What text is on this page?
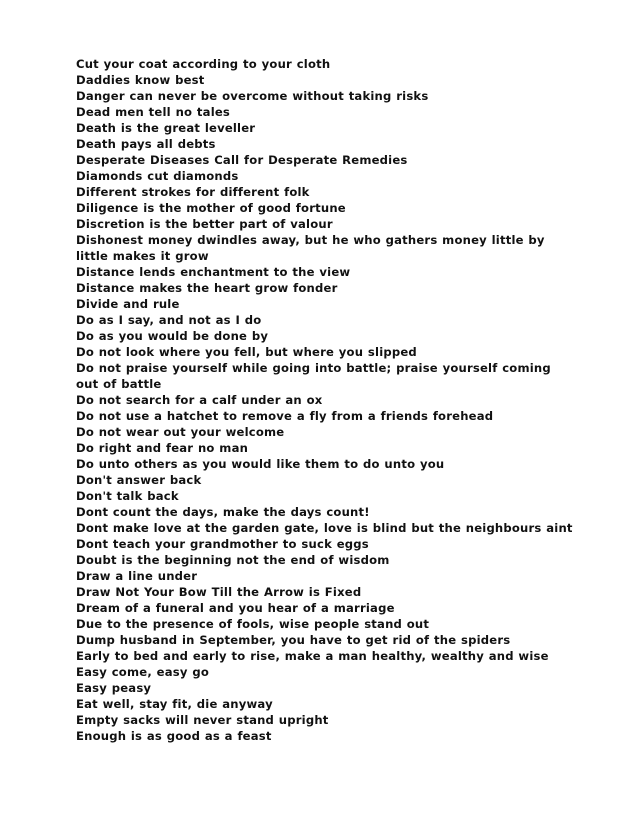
Cut your coat according to your cloth
Daddies know best
Danger can never be overcome without taking risks
Dead men tell no tales
Death is the great leveller
Death pays all debts
Desperate Diseases Call for Desperate Remedies
Diamonds cut diamonds
Different strokes for different folk
Diligence is the mother of good fortune
Discretion is the better part of valour
Dishonest money dwindles away, but he who gathers money little by little makes it grow
Distance lends enchantment to the view
Distance makes the heart grow fonder
Divide and rule
Do as I say, and not as I do
Do as you would be done by
Do not look where you fell, but where you slipped
Do not praise yourself while going into battle; praise yourself coming out of battle
Do not search for a calf under an ox
Do not use a hatchet to remove a fly from a friends forehead
Do not wear out your welcome
Do right and fear no man
Do unto others as you would like them to do unto you
Don't answer back
Don't talk back
Dont count the days, make the days count!
Dont make love at the garden gate, love is blind but the neighbours aint
Dont teach your grandmother to suck eggs
Doubt is the beginning not the end of wisdom
Draw a line under
Draw Not Your Bow Till the Arrow is Fixed
Dream of a funeral and you hear of a marriage
Due to the presence of fools, wise people stand out
Dump husband in September, you have to get rid of the spiders
Early to bed and early to rise, make a man healthy, wealthy and wise
Easy come, easy go
Easy peasy
Eat well, stay fit, die anyway
Empty sacks will never stand upright
Enough is as good as a feast
